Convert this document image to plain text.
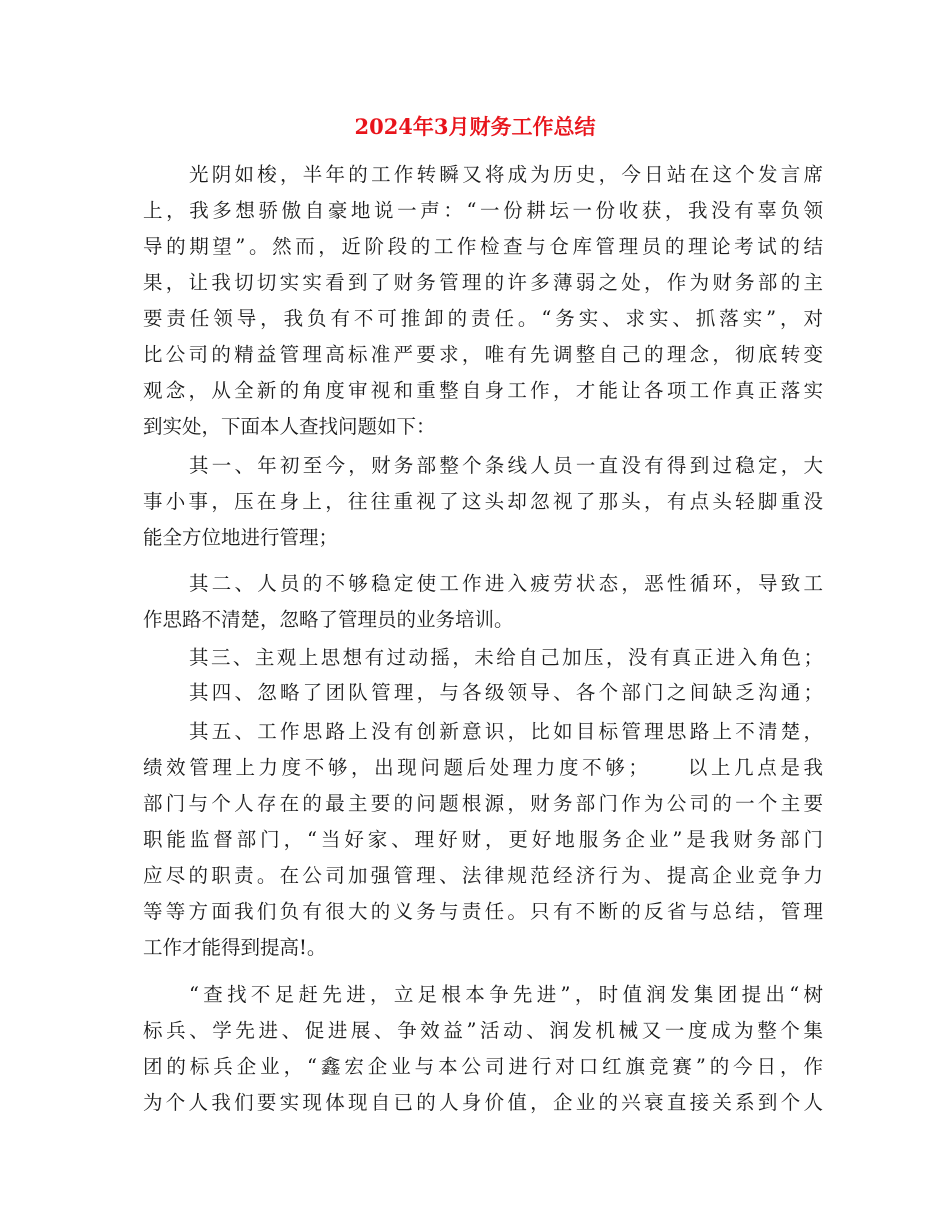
2024年3月财务工作总结

光阴如梭，半年的工作转瞬又将成为历史，今日站在这个发言席

上，我多想骄傲自豪地说一声：“一份耕坛一份收获，我没有辜负领

导的期望”。然而，近阶段的工作检查与仓库管理员的理论考试的结

果，让我切切实实看到了财务管理的许多薄弱之处，作为财务部的主

要责任领导，我负有不可推卸的责任。“务实、求实、抓落实”，对

比公司的精益管理高标准严要求，唯有先调整自己的理念，彻底转变

观念，从全新的角度审视和重整自身工作，才能让各项工作真正落实

到实处，下面本人查找问题如下：

其一、年初至今，财务部整个条线人员一直没有得到过稳定，大

事小事，压在身上，往往重视了这头却忽视了那头，有点头轻脚重没

能全方位地进行管理；

其二、人员的不够稳定使工作进入疲劳状态，恶性循环，导致工

作思路不清楚，忽略了管理员的业务培训。

其三、主观上思想有过动摇，未给自己加压，没有真正进入角色；

其四、忽略了团队管理，与各级领导、各个部门之间缺乏沟通；

其五、工作思路上没有创新意识，比如目标管理思路上不清楚，

绩效管理上力度不够，出现问题后处理力度不够；　　以上几点是我

部门与个人存在的最主要的问题根源，财务部门作为公司的一个主要

职能监督部门，“当好家、理好财，更好地服务企业”是我财务部门

应尽的职责。在公司加强管理、法律规范经济行为、提高企业竞争力

等等方面我们负有很大的义务与责任。只有不断的反省与总结，管理

工作才能得到提高!。

“查找不足赶先进，立足根本争先进”，时值润发集团提出“树

标兵、学先进、促进展、争效益”活动、润发机械又一度成为整个集

团的标兵企业，“鑫宏企业与本公司进行对口红旗竞赛”的今日，作

为个人我们要实现体现自已的人身价值，企业的兴衰直接关系到个人
